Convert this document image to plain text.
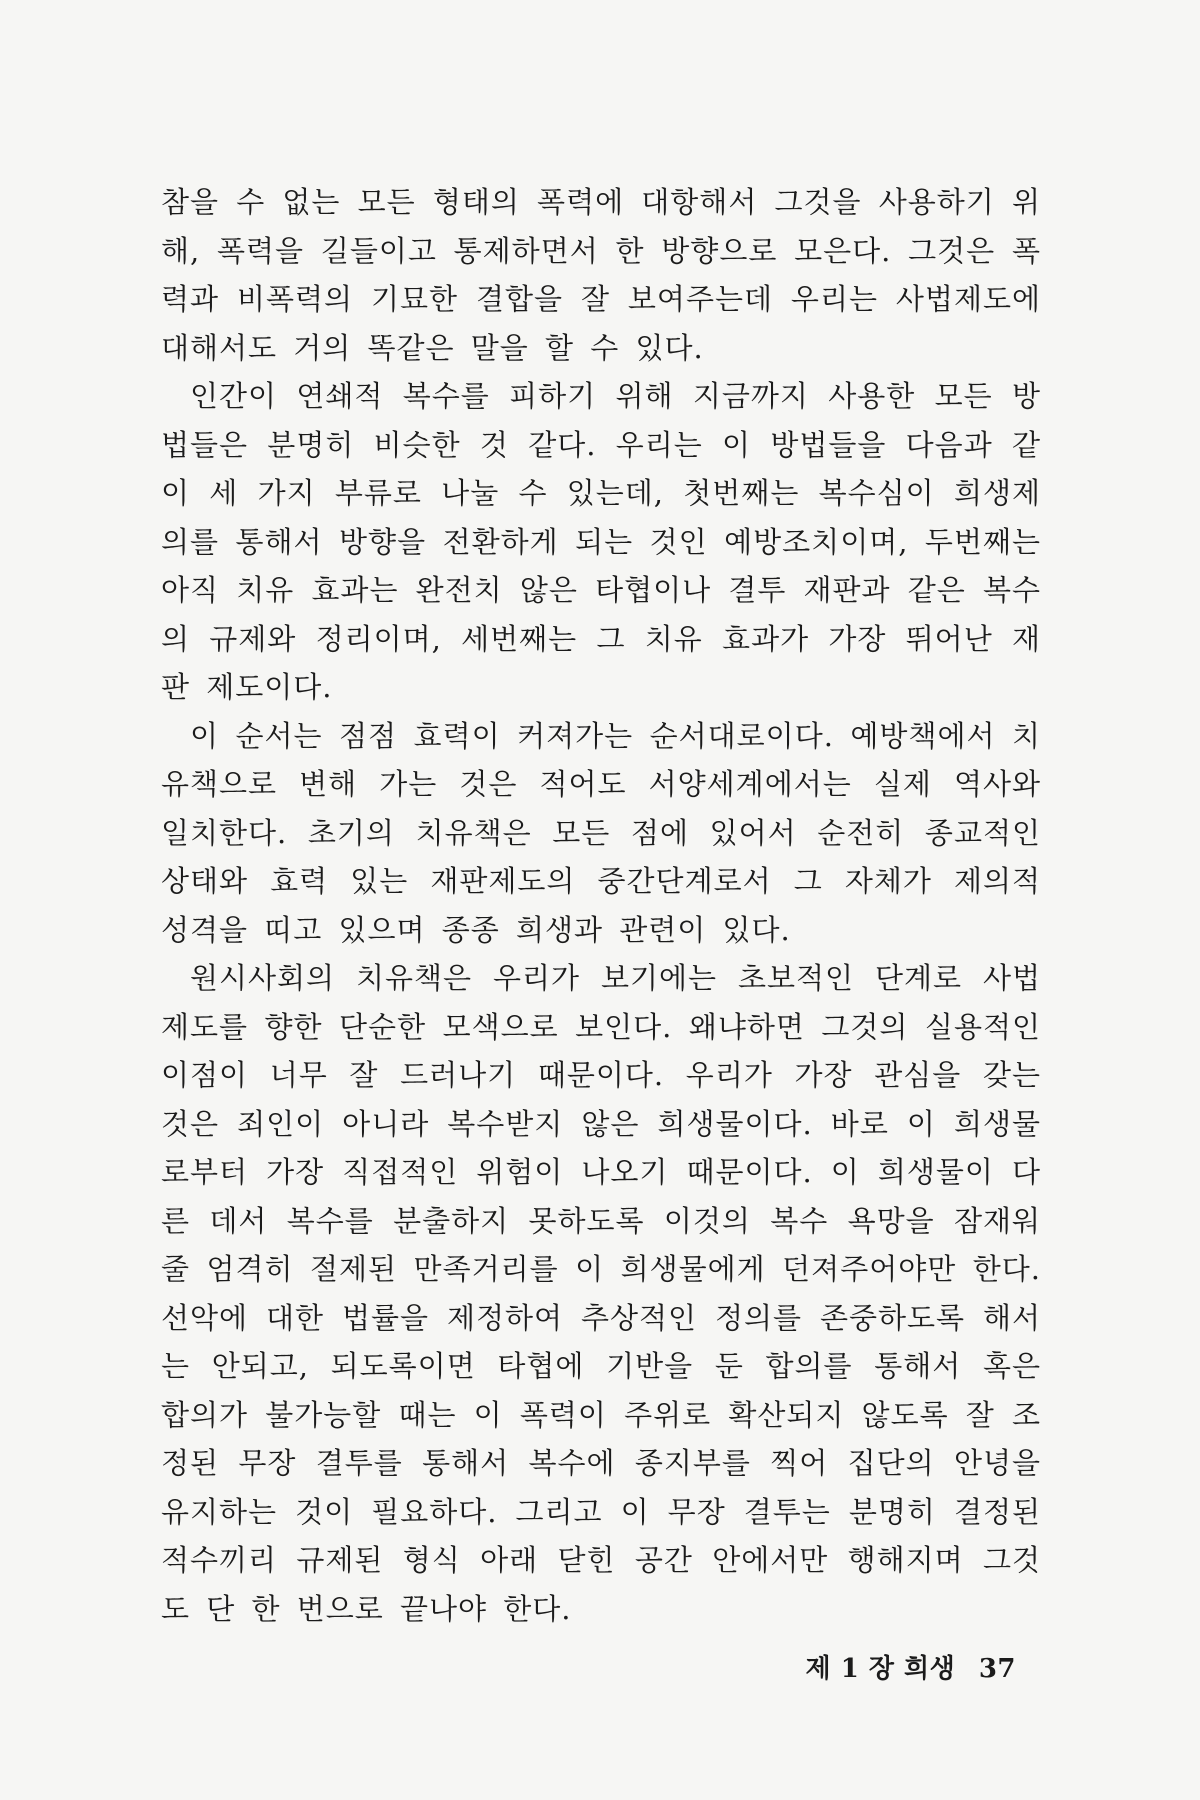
참을 수 없는 모든 형태의 폭력에 대항해서 그것을 사용하기 위해, 폭력을 길들이고 통제하면서 한 방향으로 모은다. 그것은 폭력과 비폭력의 기묘한 결합을 잘 보여주는데 우리는 사법제도에 대해서도 거의 똑같은 말을 할 수 있다.

인간이 연쇄적 복수를 피하기 위해 지금까지 사용한 모든 방법들은 분명히 비슷한 것 같다. 우리는 이 방법들을 다음과 같이 세 가지 부류로 나눌 수 있는데, 첫번째는 복수심이 희생제의를 통해서 방향을 전환하게 되는 것인 예방조치이며, 두번째는 아직 치유 효과는 완전치 않은 타협이나 결투 재판과 같은 복수의 규제와 정리이며, 세번째는 그 치유 효과가 가장 뛰어난 재판 제도이다.

이 순서는 점점 효력이 커져가는 순서대로이다. 예방책에서 치유책으로 변해 가는 것은 적어도 서양세계에서는 실제 역사와 일치한다. 초기의 치유책은 모든 점에 있어서 순전히 종교적인 상태와 효력 있는 재판제도의 중간단계로서 그 자체가 제의적 성격을 띠고 있으며 종종 희생과 관련이 있다.

원시사회의 치유책은 우리가 보기에는 초보적인 단계로 사법제도를 향한 단순한 모색으로 보인다. 왜냐하면 그것의 실용적인 이점이 너무 잘 드러나기 때문이다. 우리가 가장 관심을 갖는 것은 죄인이 아니라 복수받지 않은 희생물이다. 바로 이 희생물로부터 가장 직접적인 위험이 나오기 때문이다. 이 희생물이 다른 데서 복수를 분출하지 못하도록 이것의 복수 욕망을 잠재워 줄 엄격히 절제된 만족거리를 이 희생물에게 던져주어야만 한다. 선악에 대한 법률을 제정하여 추상적인 정의를 존중하도록 해서는 안되고, 되도록이면 타협에 기반을 둔 합의를 통해서 혹은 합의가 불가능할 때는 이 폭력이 주위로 확산되지 않도록 잘 조정된 무장 결투를 통해서 복수에 종지부를 찍어 집단의 안녕을 유지하는 것이 필요하다. 그리고 이 무장 결투는 분명히 결정된 적수끼리 규제된 형식 아래 닫힌 공간 안에서만 행해지며 그것도 단 한 번으로 끝나야 한다.

제 1 장 희생 37
